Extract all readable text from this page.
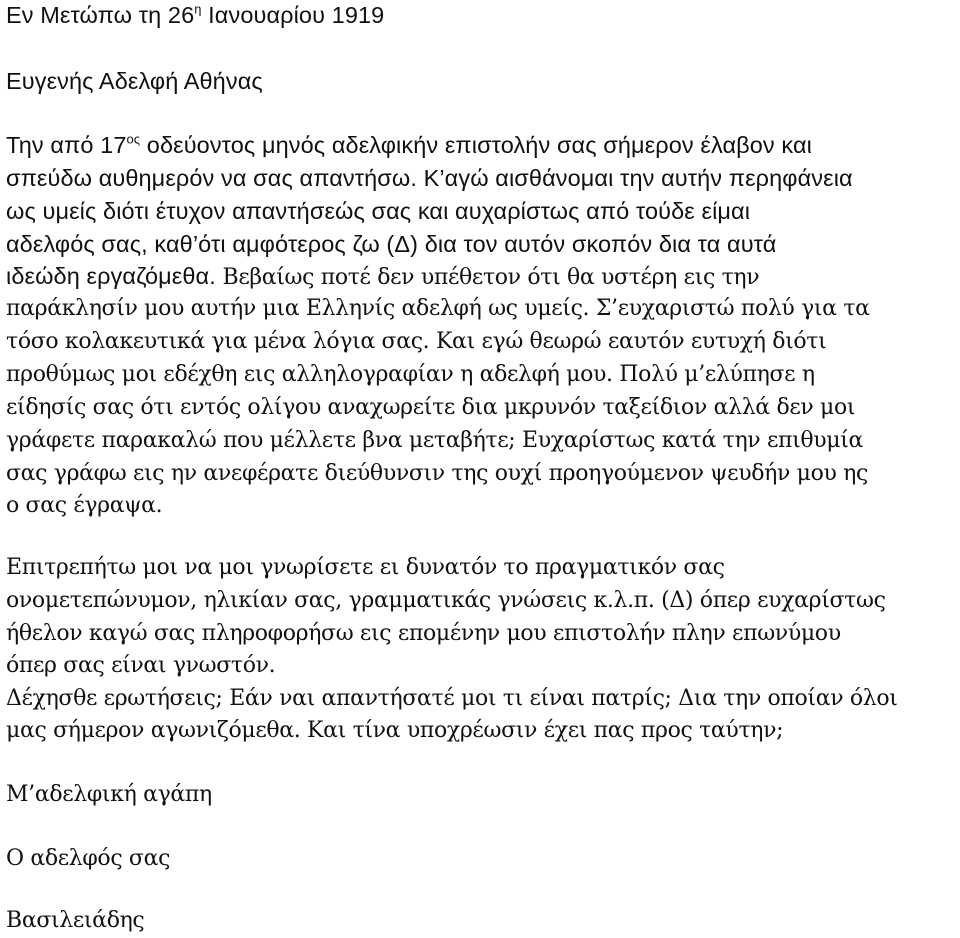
Εν Μετώπω τη $26^\eta$ Ιανουαρίου 1919
Ευγενής Αδελφή Αθήνας
Την από $17^{o\varsigma}$ οδεύοντος μηνός αδελφικήν επιστολήν σας σήμερον έλαβον και
σπεύδω αυθημερόν να σας απαντήσω. Κ’αγώ αισθάνομαι την αυτήν περηφάνεια
ως υμείς διότι έτυχον απαντήσεώς σας και αυχαρίστως από τούδε είμαι
αδελφός σας, καθ’ότι αμφότερος ζω (Δ) δια τον αυτόν σκοπόν δια τα αυτά
ιδεώδη εργαζόμεθα. Βεβαίως ποτέ δεν υπέθετον ότι θα υστέρη εις την
παράκλησίν μου αυτήν μια Ελληνίς αδελφή ως υμείς. Σ’ευχαριστώ πολύ για τα
τόσο κολακευτικά για μένα λόγια σας. Και εγώ θεωρώ εαυτόν ευτυχή διότι
προθύμως μοι εδέχθη εις αλληλογραφίαν η αδελφή μου. Πολύ μ’ελύπησε η
είδησίς σας ότι εντός ολίγου αναχωρείτε δια μκρυνόν ταξείδιον αλλά δεν μοι
γράφετε παρακαλώ που μέλλετε βνα μεταβήτε; Ευχαρίστως κατά την επιθυμία
σας γράφω εις ην ανεφέρατε διεύθυνσιν της ουχί προηγούμενον ψευδήν μου ης
ο σας έγραψα.
Επιτρεπήτω μοι να μοι γνωρίσετε ει δυνατόν το πραγματικόν σας
ονομετεπώνυμον, ηλικίαν σας, γραμματικάς γνώσεις κ.λ.π. (Δ) όπερ ευχαρίστως
ήθελον καγώ σας πληροφορήσω εις επομένην μου επιστολήν πλην επωνύμου
όπερ σας είναι γνωστόν.
Δέχησθε ερωτήσεις; Εάν ναι απαντήσατέ μοι τι είναι πατρίς; Δια την οποίαν όλοι
μας σήμερον αγωνιζόμεθα. Και τίνα υποχρέωσιν έχει πας προς ταύτην;
Μ’αδελφική αγάπη
Ο αδελφός σας
Βασιλειάδης
